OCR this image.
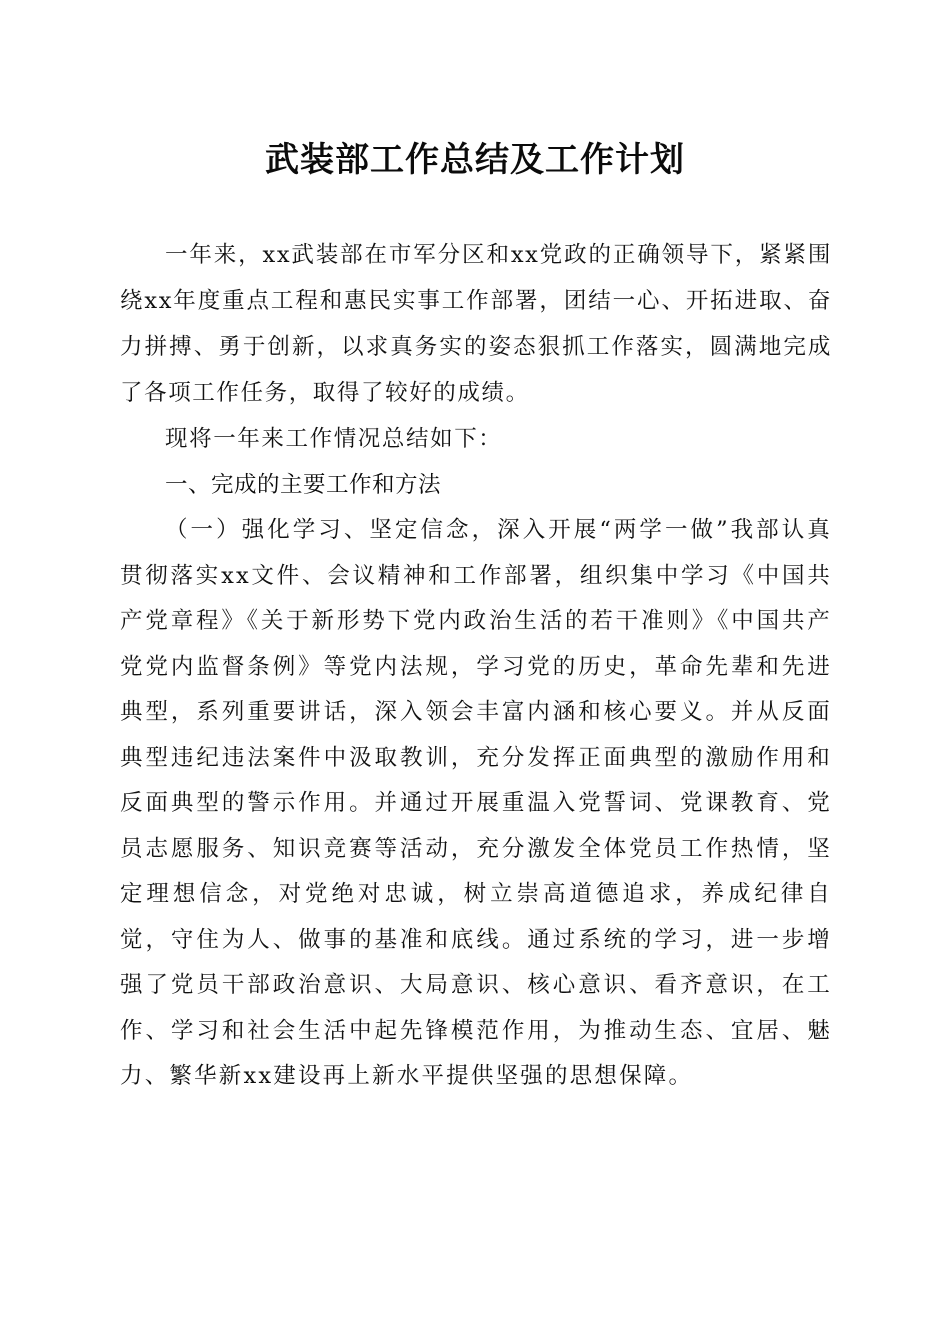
武装部工作总结及工作计划

一年来，xx武装部在市军分区和xx党政的正确领导下，紧紧围绕xx年度重点工程和惠民实事工作部署，团结一心、开拓进取、奋力拼搏、勇于创新，以求真务实的姿态狠抓工作落实，圆满地完成了各项工作任务，取得了较好的成绩。

现将一年来工作情况总结如下：

一、完成的主要工作和方法

（一）强化学习、坚定信念，深入开展“两学一做”我部认真贯彻落实xx文件、会议精神和工作部署，组织集中学习《中国共产党章程》《关于新形势下党内政治生活的若干准则》《中国共产党党内监督条例》等党内法规，学习党的历史，革命先辈和先进典型，系列重要讲话，深入领会丰富内涵和核心要义。并从反面典型违纪违法案件中汲取教训，充分发挥正面典型的激励作用和反面典型的警示作用。并通过开展重温入党誓词、党课教育、党员志愿服务、知识竞赛等活动，充分激发全体党员工作热情，坚定理想信念，对党绝对忠诚，树立崇高道德追求，养成纪律自觉，守住为人、做事的基准和底线。通过系统的学习，进一步增强了党员干部政治意识、大局意识、核心意识、看齐意识，在工作、学习和社会生活中起先锋模范作用，为推动生态、宜居、魅力、繁华新xx建设再上新水平提供坚强的思想保障。
